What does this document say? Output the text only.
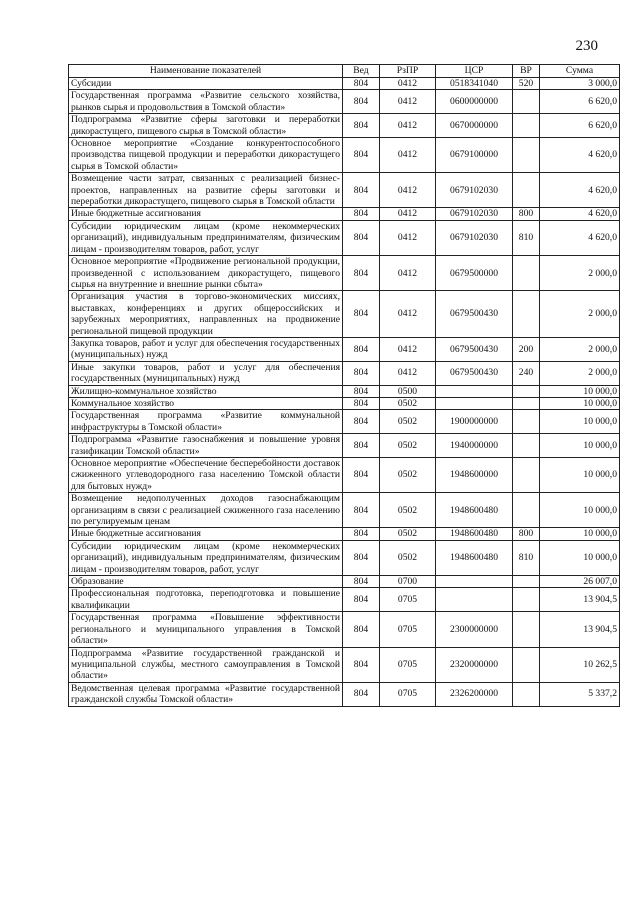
230
Наименование показателей	Вед	РзПР	ЦСР	ВР	Сумма
Субсидии	804	0412	0518341040	520	3 000,0
Государственная программа «Развитие сельского хозяйства, рынков сырья и продовольствия в Томской области»	804	0412	0600000000		6 620,0
Подпрограмма «Развитие сферы заготовки и переработки дикорастущего, пищевого сырья в Томской области»	804	0412	0670000000		6 620,0
Основное мероприятие «Создание конкурентоспособного производства пищевой продукции и переработки дикорастущего сырья в Томской области»	804	0412	0679100000		4 620,0
Возмещение части затрат, связанных с реализацией бизнес-проектов, направленных на развитие сферы заготовки и переработки дикорастущего, пищевого сырья в Томской области	804	0412	0679102030		4 620,0
Иные бюджетные ассигнования	804	0412	0679102030	800	4 620,0
Субсидии юридическим лицам (кроме некоммерческих организаций), индивидуальным предпринимателям, физическим лицам - производителям товаров, работ, услуг	804	0412	0679102030	810	4 620,0
Основное мероприятие «Продвижение региональной продукции, произведенной с использованием дикорастущего, пищевого сырья на внутренние и внешние рынки сбыта»	804	0412	0679500000		2 000,0
Организация участия в торгово-экономических миссиях, выставках, конференциях и других общероссийских и зарубежных мероприятиях, направленных на продвижение региональной пищевой продукции	804	0412	0679500430		2 000,0
Закупка товаров, работ и услуг для обеспечения государственных (муниципальных) нужд	804	0412	0679500430	200	2 000,0
Иные закупки товаров, работ и услуг для обеспечения государственных (муниципальных) нужд	804	0412	0679500430	240	2 000,0
Жилищно-коммунальное хозяйство	804	0500			10 000,0
Коммунальное хозяйство	804	0502			10 000,0
Государственная программа «Развитие коммунальной инфраструктуры в Томской области»	804	0502	1900000000		10 000,0
Подпрограмма «Развитие газоснабжения и повышение уровня газификации Томской области»	804	0502	1940000000		10 000,0
Основное мероприятие «Обеспечение бесперебойности доставок сжиженного углеводородного газа населению Томской области для бытовых нужд»	804	0502	1948600000		10 000,0
Возмещение недополученных доходов газоснабжающим организациям в связи с реализацией сжиженного газа населению по регулируемым ценам	804	0502	1948600480		10 000,0
Иные бюджетные ассигнования	804	0502	1948600480	800	10 000,0
Субсидии юридическим лицам (кроме некоммерческих организаций), индивидуальным предпринимателям, физическим лицам - производителям товаров, работ, услуг	804	0502	1948600480	810	10 000,0
Образование	804	0700			26 007,0
Профессиональная подготовка, переподготовка и повышение квалификации	804	0705			13 904,5
Государственная программа «Повышение эффективности регионального и муниципального управления в Томской области»	804	0705	2300000000		13 904,5
Подпрограмма «Развитие государственной гражданской и муниципальной службы, местного самоуправления в Томской области»	804	0705	2320000000		10 262,5
Ведомственная целевая программа «Развитие государственной гражданской службы Томской области»	804	0705	2326200000		5 337,2
